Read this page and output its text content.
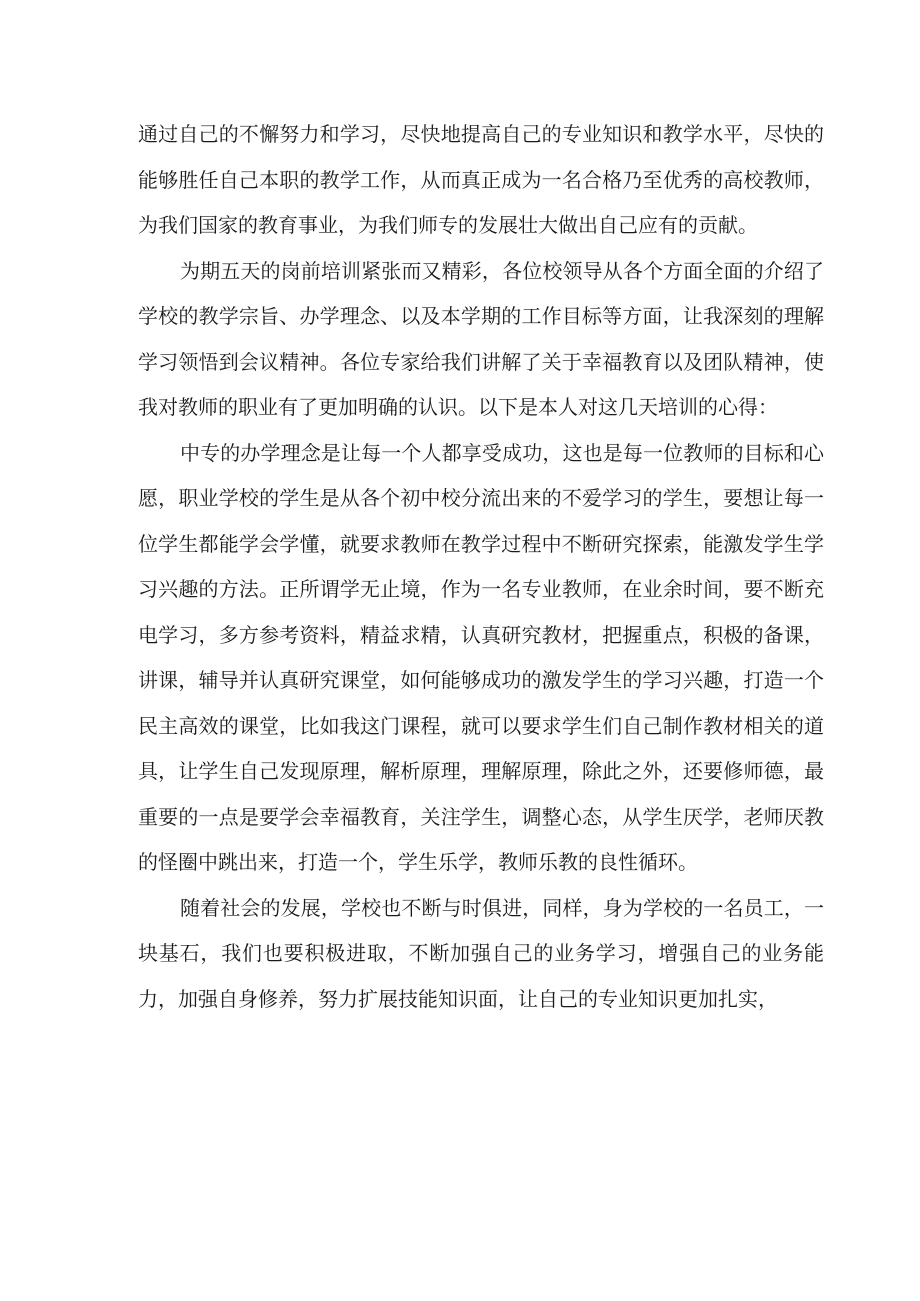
通过自己的不懈努力和学习，尽快地提高自己的专业知识和教学水平，尽快的能够胜任自己本职的教学工作，从而真正成为一名合格乃至优秀的高校教师，为我们国家的教育事业，为我们师专的发展壮大做出自己应有的贡献。

为期五天的岗前培训紧张而又精彩，各位校领导从各个方面全面的介绍了学校的教学宗旨、办学理念、以及本学期的工作目标等方面，让我深刻的理解学习领悟到会议精神。各位专家给我们讲解了关于幸福教育以及团队精神，使我对教师的职业有了更加明确的认识。以下是本人对这几天培训的心得：

中专的办学理念是让每一个人都享受成功，这也是每一位教师的目标和心愿，职业学校的学生是从各个初中校分流出来的不爱学习的学生，要想让每一位学生都能学会学懂，就要求教师在教学过程中不断研究探索，能激发学生学习兴趣的方法。正所谓学无止境，作为一名专业教师，在业余时间，要不断充电学习，多方参考资料，精益求精，认真研究教材，把握重点，积极的备课，讲课，辅导并认真研究课堂，如何能够成功的激发学生的学习兴趣，打造一个民主高效的课堂，比如我这门课程，就可以要求学生们自己制作教材相关的道具，让学生自己发现原理，解析原理，理解原理，除此之外，还要修师德，最重要的一点是要学会幸福教育，关注学生，调整心态，从学生厌学，老师厌教的怪圈中跳出来，打造一个，学生乐学，教师乐教的良性循环。

随着社会的发展，学校也不断与时俱进，同样，身为学校的一名员工，一块基石，我们也要积极进取，不断加强自己的业务学习，增强自己的业务能力，加强自身修养，努力扩展技能知识面，让自己的专业知识更加扎实，
